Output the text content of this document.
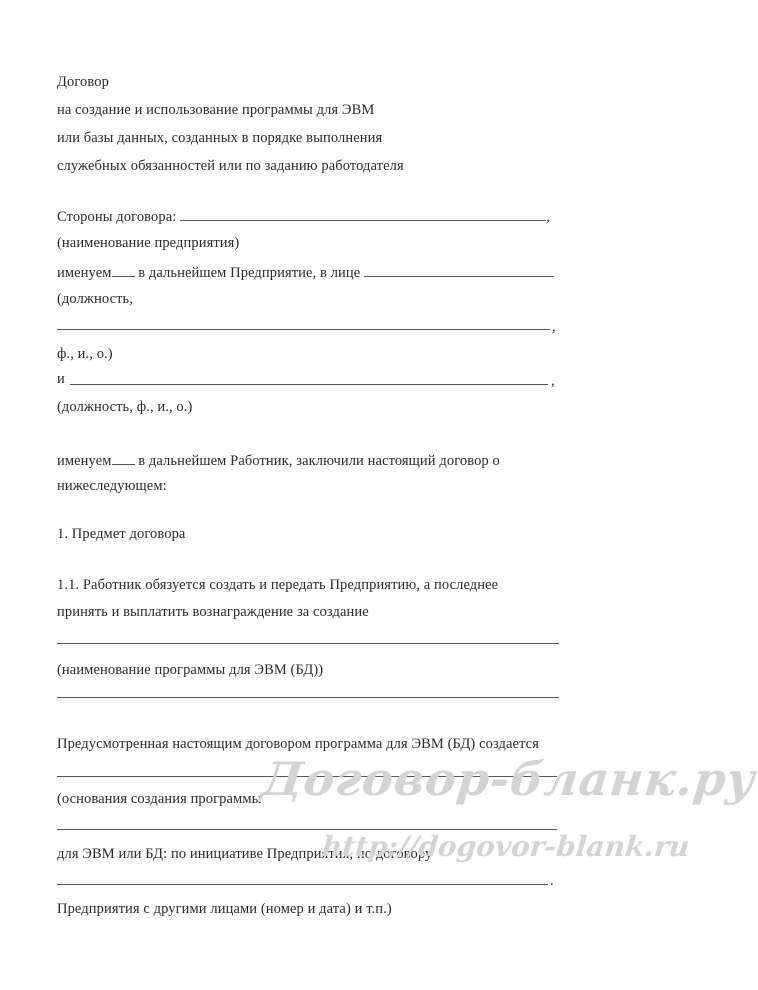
Договор
на создание и использование программы для ЭВМ
или базы данных, созданных в порядке выполнения
служебных обязанностей или по заданию работодателя
Стороны договора:	,
(наименование предприятия)
именуем в дальнейшем Предприятие, в лице
(должность,
,
ф., и., о.)
и	,
(должность, ф., и., о.)
именуем в дальнейшем Работник, заключили настоящий договор о
нижеследующем:
1. Предмет договора
1.1. Работник обязуется создать и передать Предприятию, а последнее
принять и выплатить вознаграждение за создание
(наименование программы для ЭВМ (БД))
Предусмотренная настоящим договором программа для ЭВМ (БД) создается
(основания создания программы
для ЭВМ или БД: по инициативе Предприятия, по договору
.
Предприятия с другими лицами (номер и дата) и т.п.)
Договор-бланк.ру
http://dogovor-blank.ru
